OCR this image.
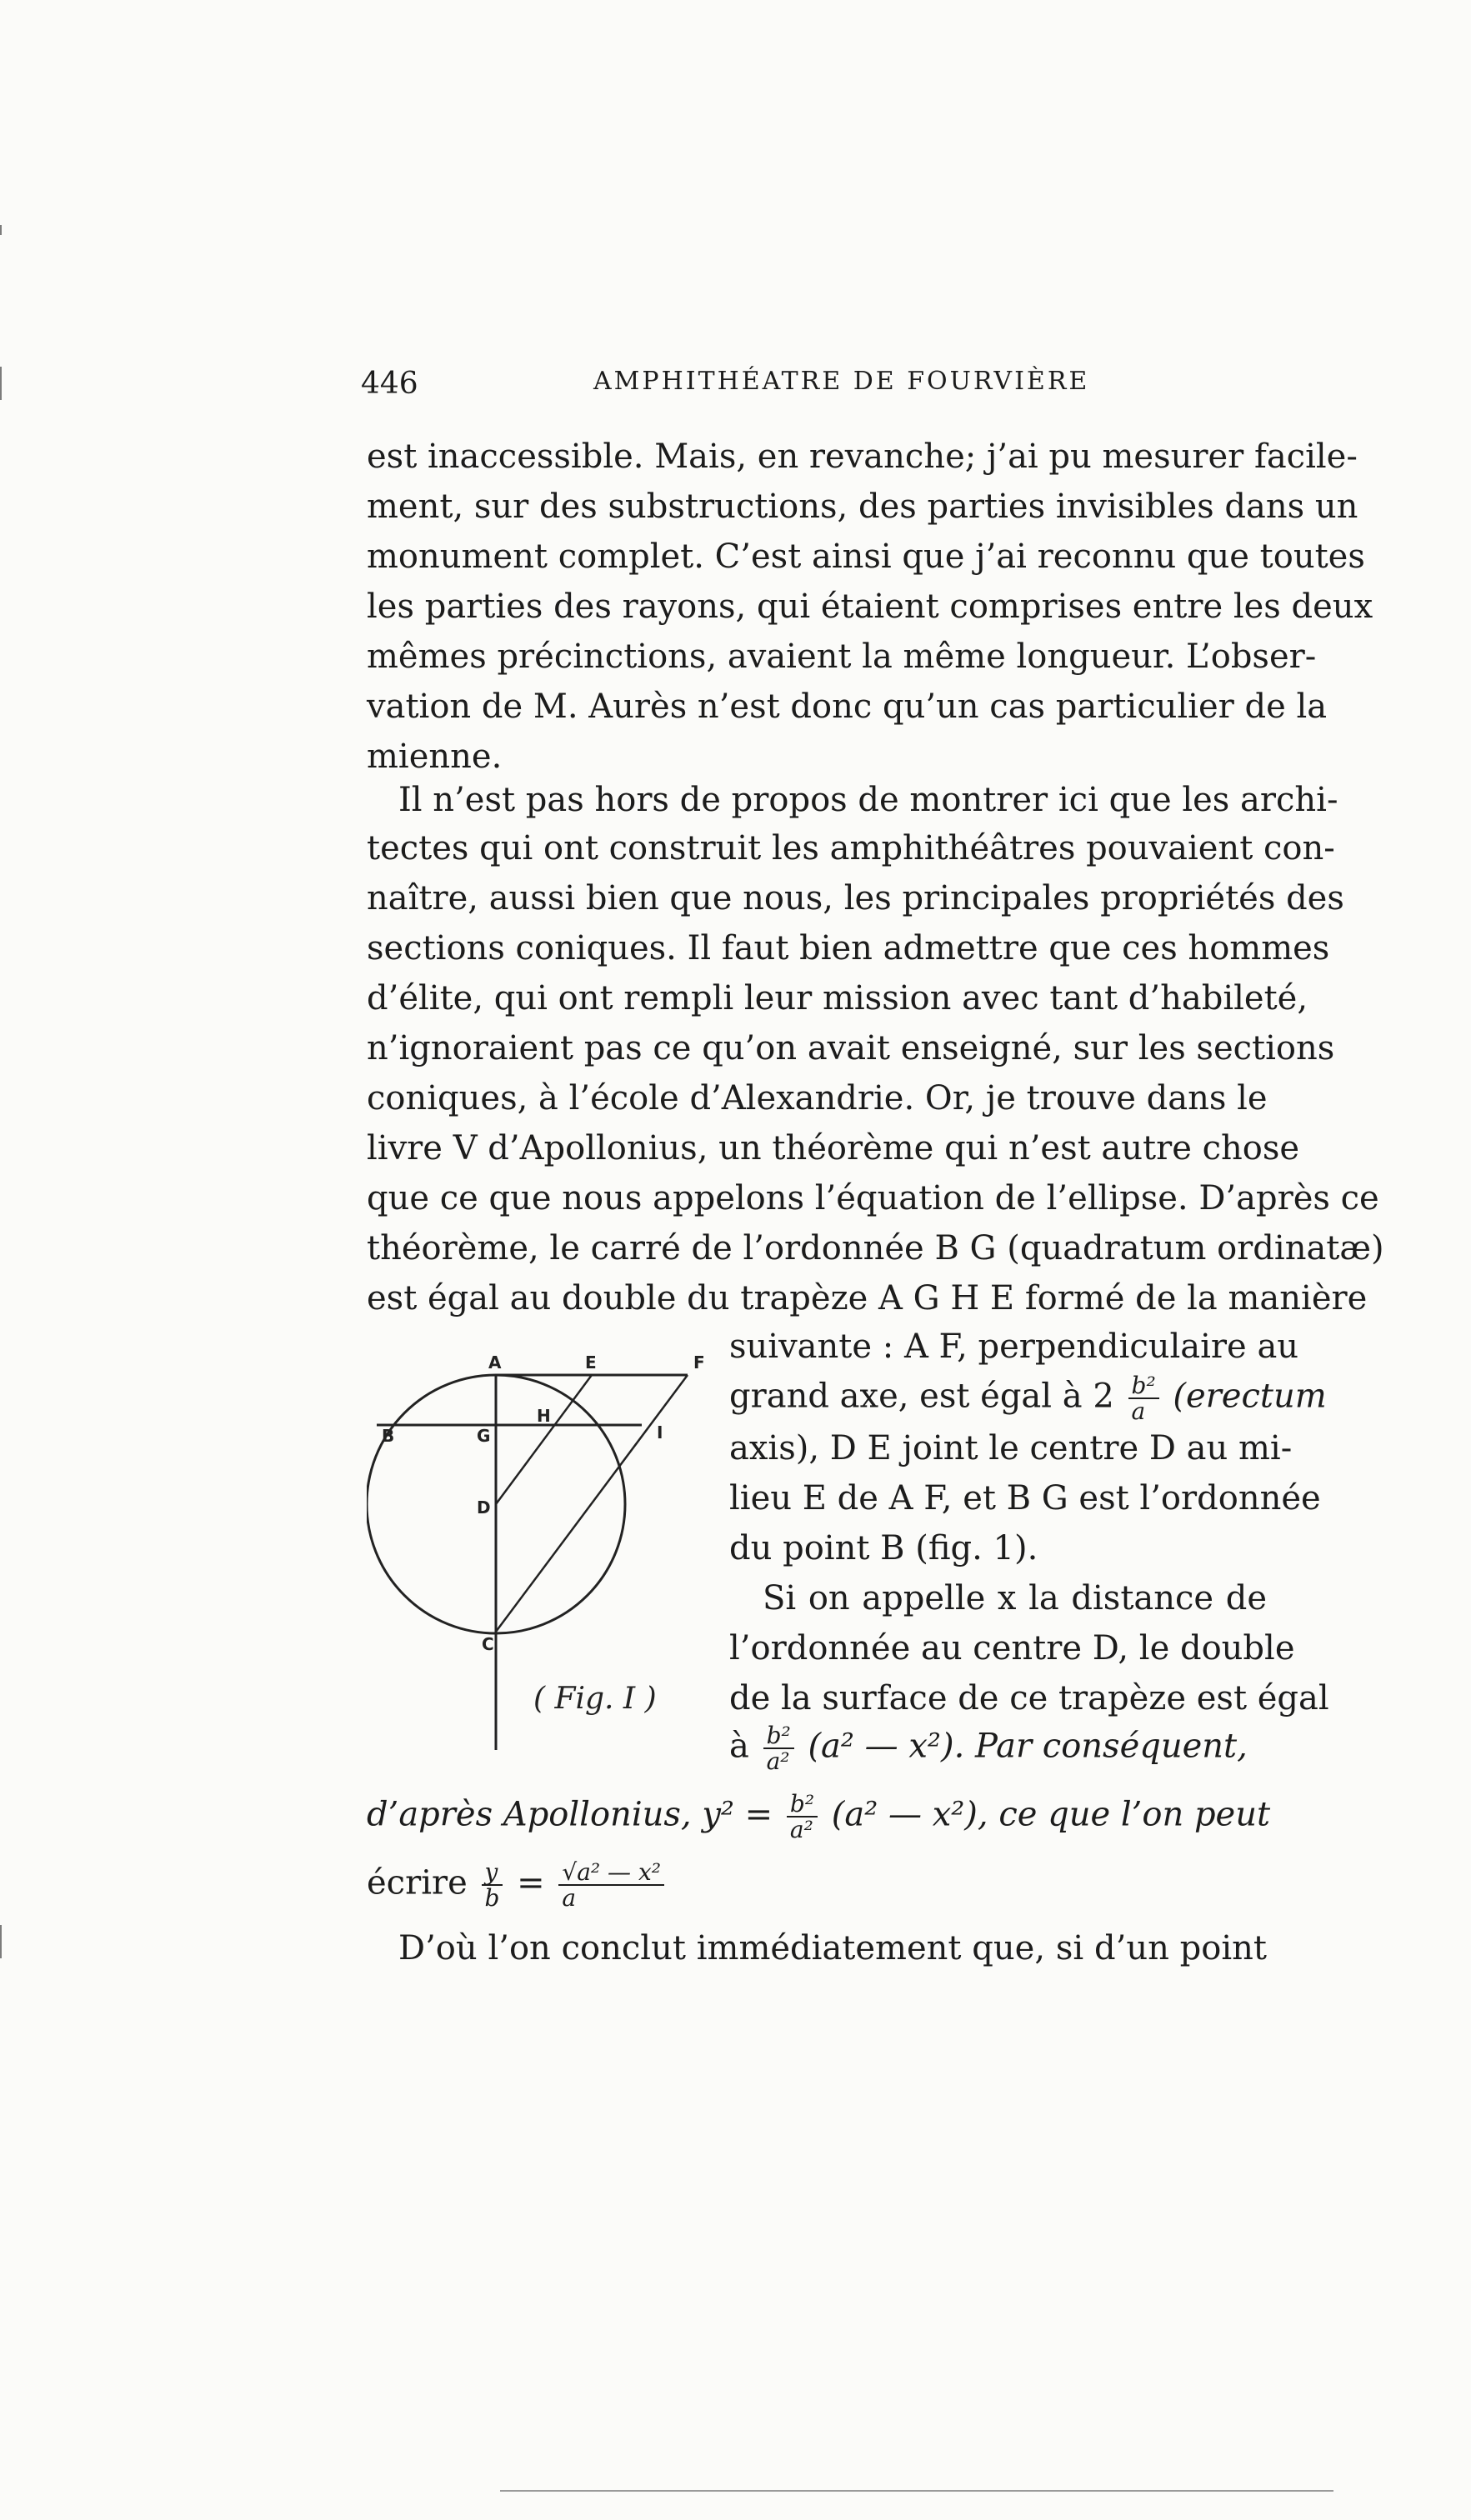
446	AMPHITHÉATRE DE FOURVIÈRE
est inaccessible. Mais, en revanche; j’ai pu mesurer facile-
ment, sur des substructions, des parties invisibles dans un
monument complet. C’est ainsi que j’ai reconnu que toutes
les parties des rayons, qui étaient comprises entre les deux
mêmes précinctions, avaient la même longueur. L’obser-
vation de M. Aurès n’est donc qu’un cas particulier de la
mienne.
Il n’est pas hors de propos de montrer ici que les archi-
tectes qui ont construit les amphithéâtres pouvaient con-
naître, aussi bien que nous, les principales propriétés des
sections coniques. Il faut bien admettre que ces hommes
d’élite, qui ont rempli leur mission avec tant d’habileté,
n’ignoraient pas ce qu’on avait enseigné, sur les sections
coniques, à l’école d’Alexandrie. Or, je trouve dans le
livre V d’Apollonius, un théorème qui n’est autre chose
que ce que nous appelons l’équation de l’ellipse. D’après ce
théorème, le carré de l’ordonnée B G (quadratum ordinatæ)
est égal au double du trapèze A G H E formé de la manière
suivante : A F, perpendiculaire au
grand axe, est égal à $2 \frac{\text{b²}}{a}$ (erectum
axis), D E joint le centre D au mi-
lieu E de A F, et B G est l’ordonnée
du point B (fig. 1).
Si on appelle x la distance de
l’ordonnée au centre D, le double
de la surface de ce trapèze est égal
à $\frac{\text{b²}}{\text{a²}} (a^2$ — x²). Par conséquent,
d’après Apollonius, $y^2 = \frac{\text{b²}}{\text{a²}} (a^2$ — x²), ce que l’on peut
écrire $\frac{y}{b} = \frac{\text{√a² — x²}}{a}$
D’où l’on conclut immédiatement que, si d’un point
A	E	F
B	G
H
I
D
C
( Fig. I )
